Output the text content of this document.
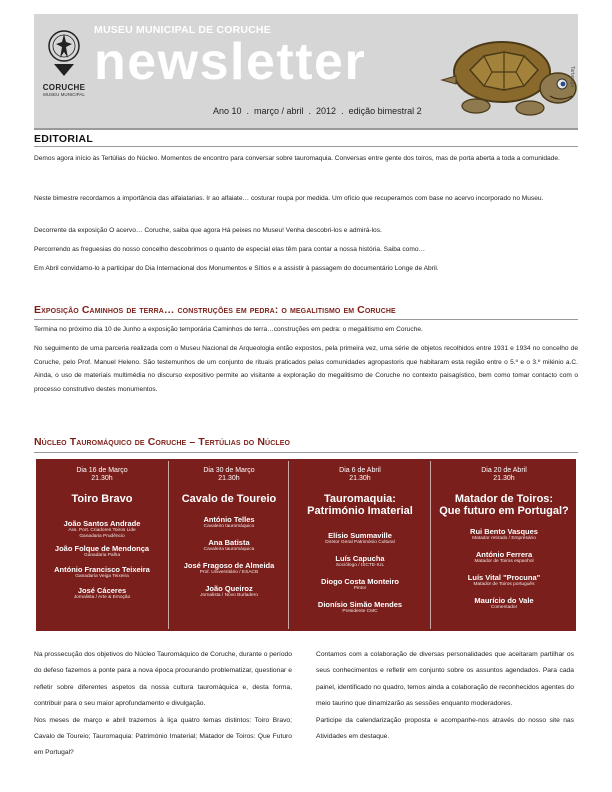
CORUCHE
MUSEU MUNICIPAL
MUSEU MUNICIPAL DE CORUCHE
newsletter
Ano 10  .  março / abril  .  2012  .  edição bimestral 2
Tartaruga
EDITORIAL
Demos agora início às Tertúlias do Núcleo. Momentos de encontro para conversar sobre tauromaquia. Conversas entre gente dos toiros, mas de porta aberta a toda a comunidade.
Neste bimestre recordamos a importância das alfaiatarias. Ir ao alfaiate… costurar roupa por medida. Um ofício que recuperamos com base no acervo incorporado no Museu.
Decorrente da exposição O acervo… Coruche, saiba que agora Há peixes no Museu! Venha descobri-los e admirá-los.
Percorrendo as freguesias do nosso concelho descobrimos o quanto de especial elas têm para contar a nossa história. Saiba como…
Em Abril convidamo-lo a participar do Dia Internacional dos Monumentos e Sítios e a assistir à passagem do documentário Longe de Abril.
Exposição Caminhos de terra… construções em pedra: o megalitismo em Coruche
Termina no próximo dia 10 de Junho a exposição temporária Caminhos de terra…construções em pedra: o megalitismo em Coruche.
No seguimento de uma parceria realizada com o Museu Nacional de Arqueologia então expostos, pela primeira vez, uma série de objetos recolhidos entre 1931 e 1934 no concelho de Coruche, pelo Prof. Manuel Heleno. São testemunhos de um conjunto de rituais praticados pelas comunidades agropastoris que habitaram esta região entre o 5.º e o 3.º milénio a.C. Ainda, o uso de materiais multimédia no discurso expositivo permite ao visitante a exploração do megalitismo de Coruche no contexto paisagístico, bem como tomar contacto com o processo construtivo destes monumentos.
Núcleo Tauromáquico de Coruche – Tertúlias do Núcleo
Dia 16 de Março
21.30h
Toiro Bravo
João Santos Andrade
Ass. Port. Criadores Toiros Lide
Ganadaria Prudêncio
João Folque de Mendonça
Ganadaria Palha
António Francisco Teixeira
Ganadaria Veiga Teixeira
José Cáceres
Jornalista / Arte & Emoção
Dia 30 de Março
21.30h
Cavalo de Toureio
António Telles
Cavaleiro tauromáquico
Ana Batista
Cavaleira tauromáquica
José Fragoso de Almeida
Prof. Universitário / ESACB
João Queiroz
Jornalista / Novo Burladero
Dia 6 de Abril
21.30h
Tauromaquia:
Património Imaterial
Elísio Summaville
Diretor Geral Património Cultural
Luís Capucha
Sociólogo / ISCTE-IUL
Diogo Costa Monteiro
Pintor
Dionísio Simão Mendes
Presidente CMC
Dia 20 de Abril
21.30h
Matador de Toiros:
Que futuro em Portugal?
Rui Bento Vasques
Matador retirado / Empresário
António Ferrera
Matador de Toiros espanhol
Luís Vital "Procuna"
Matador de Toiros português
Maurício do Vale
Comentador
Na prossecução dos objetivos do Núcleo Tauromáquico de Coruche, durante o período do defeso fazemos a ponte para a nova época procurando problematizar, questionar e refletir sobre diferentes aspetos da nossa cultura tauromáquica e, desta forma, contribuir para o seu maior aprofundamento e divulgação.
Nos meses de março e abril trazemos à liça quatro temas distintos: Toiro Bravo; Cavalo de Toureio; Tauromaquia: Património Imaterial; Matador de Toiros: Que Futuro em Portugal?
Contamos com a colaboração de diversas personalidades que aceitaram partilhar os seus conhecimentos e refletir em conjunto sobre os assuntos agendados. Para cada painel, identificado no quadro, temos ainda a colaboração de reconhecidos agentes do meio taurino que dinamizarão as sessões enquanto moderadores.
Participe da calendarização proposta e acompanhe-nos através do nosso site nas Atividades em destaque.
